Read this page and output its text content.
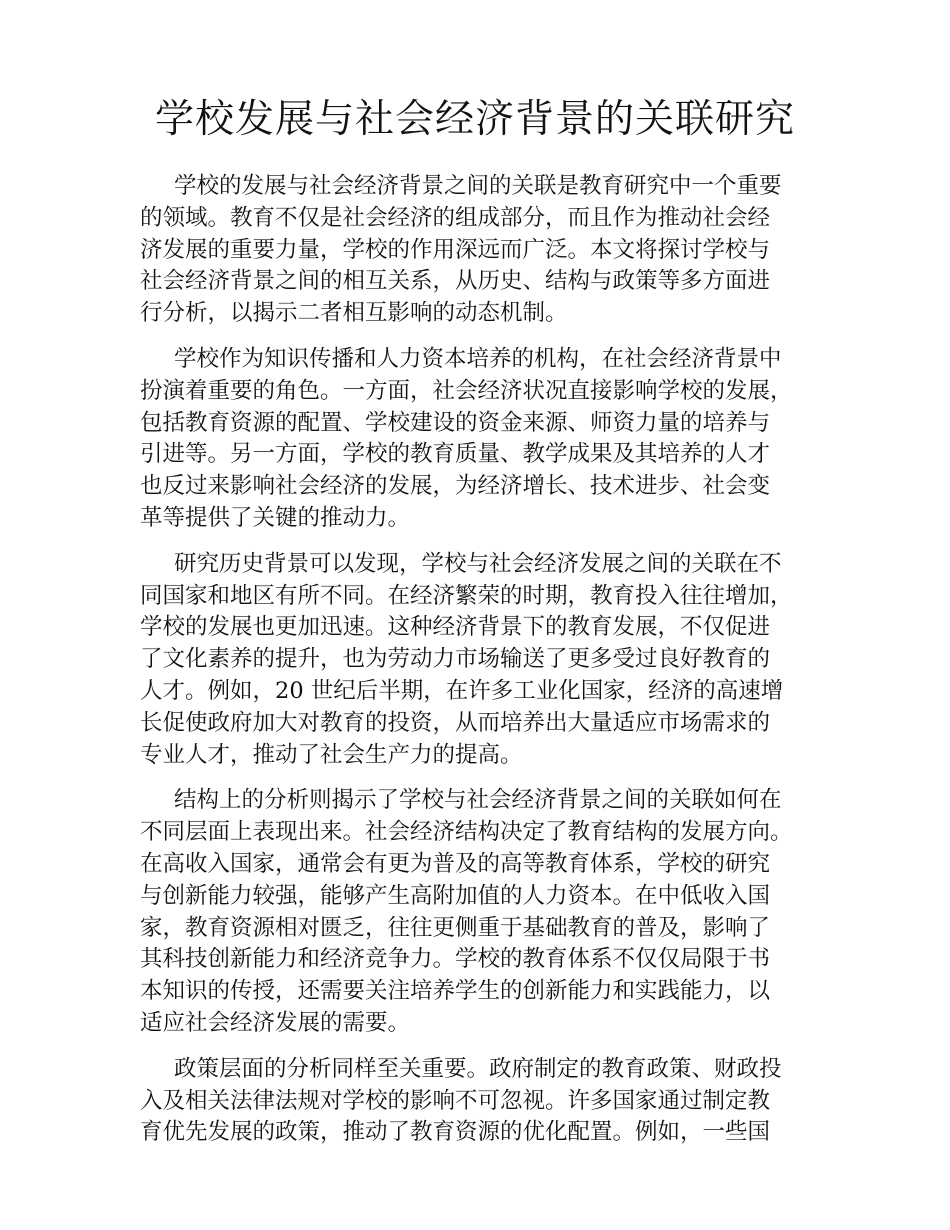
学校发展与社会经济背景的关联研究

学校的发展与社会经济背景之间的关联是教育研究中一个重要
的领域。教育不仅是社会经济的组成部分，而且作为推动社会经
济发展的重要力量，学校的作用深远而广泛。本文将探讨学校与
社会经济背景之间的相互关系，从历史、结构与政策等多方面进
行分析，以揭示二者相互影响的动态机制。

学校作为知识传播和人力资本培养的机构，在社会经济背景中
扮演着重要的角色。一方面，社会经济状况直接影响学校的发展，
包括教育资源的配置、学校建设的资金来源、师资力量的培养与
引进等。另一方面，学校的教育质量、教学成果及其培养的人才
也反过来影响社会经济的发展，为经济增长、技术进步、社会变
革等提供了关键的推动力。

研究历史背景可以发现，学校与社会经济发展之间的关联在不
同国家和地区有所不同。在经济繁荣的时期，教育投入往往增加，
学校的发展也更加迅速。这种经济背景下的教育发展，不仅促进
了文化素养的提升，也为劳动力市场输送了更多受过良好教育的
人才。例如，20 世纪后半期，在许多工业化国家，经济的高速增
长促使政府加大对教育的投资，从而培养出大量适应市场需求的
专业人才，推动了社会生产力的提高。

结构上的分析则揭示了学校与社会经济背景之间的关联如何在
不同层面上表现出来。社会经济结构决定了教育结构的发展方向。
在高收入国家，通常会有更为普及的高等教育体系，学校的研究
与创新能力较强，能够产生高附加值的人力资本。在中低收入国
家，教育资源相对匮乏，往往更侧重于基础教育的普及，影响了
其科技创新能力和经济竞争力。学校的教育体系不仅仅局限于书
本知识的传授，还需要关注培养学生的创新能力和实践能力，以
适应社会经济发展的需要。

政策层面的分析同样至关重要。政府制定的教育政策、财政投
入及相关法律法规对学校的影响不可忽视。许多国家通过制定教
育优先发展的政策，推动了教育资源的优化配置。例如，一些国
